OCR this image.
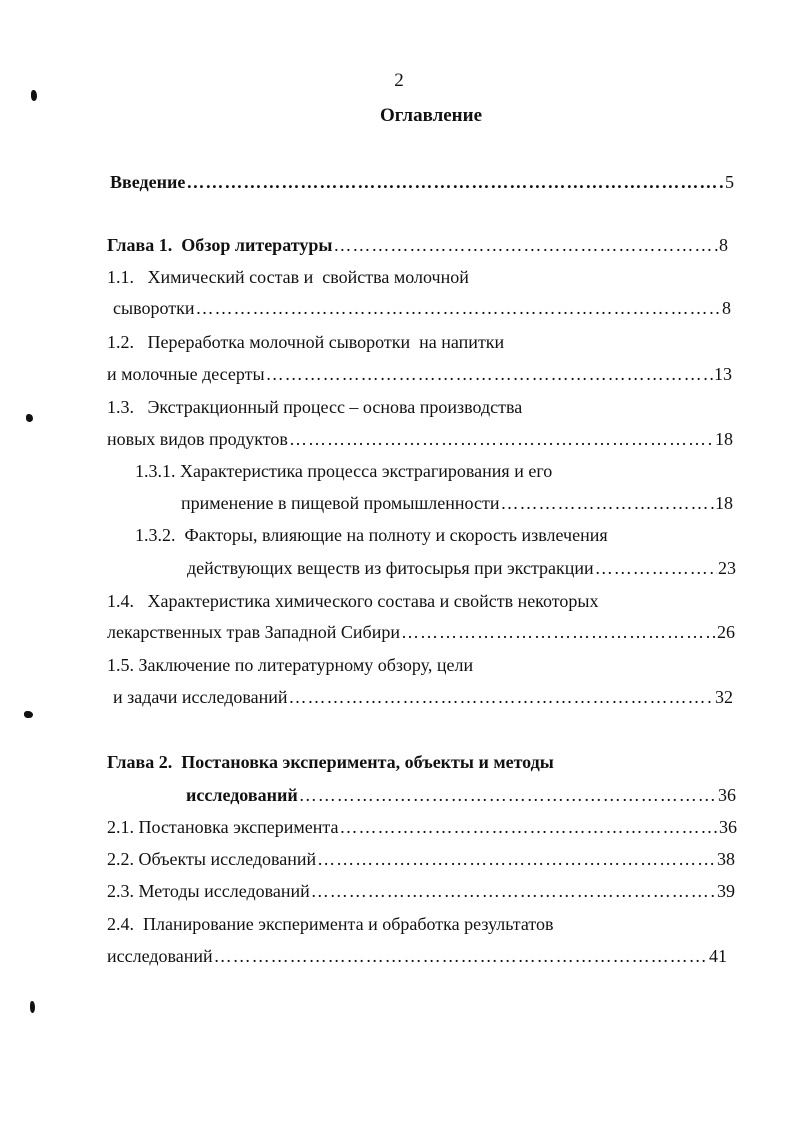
2
Оглавление
Введение …………………………………………………………………………………………………………………………………………………………	5
Глава 1.  Обзор литературы …………………………………………………………………………………………………………………………………………………………	8
1.1.   Химический состав и  свойства молочной
сыворотки …………………………………………………………………………………………………………………………………………………………	8
1.2.   Переработка молочной сыворотки  на напитки
и молочные десерты …………………………………………………………………………………………………………………………………………………………	13
1.3.   Экстракционный процесс – основа производства
новых видов продуктов …………………………………………………………………………………………………………………………………………………………	18
1.3.1. Характеристика процесса экстрагирования и его
применение в пищевой промышленности …………………………………………………………………………………………………………………………………………………………	18
1.3.2.  Факторы, влияющие на полноту и скорость извлечения
действующих веществ из фитосырья при экстракции …………………………………………………………………………………………………………………………………………………………	23
1.4.   Характеристика химического состава и свойств некоторых
лекарственных трав Западной Сибири …………………………………………………………………………………………………………………………………………………………	26
1.5. Заключение по литературному обзору, цели
и задачи исследований …………………………………………………………………………………………………………………………………………………………	32
Глава 2.  Постановка эксперимента, объекты и методы
исследований …………………………………………………………………………………………………………………………………………………………	36
2.1. Постановка эксперимента …………………………………………………………………………………………………………………………………………………………	36
2.2. Объекты исследований …………………………………………………………………………………………………………………………………………………………	38
2.3. Методы исследований …………………………………………………………………………………………………………………………………………………………	39
2.4.  Планирование эксперимента и обработка результатов
исследований …………………………………………………………………………………………………………………………………………………………	41
